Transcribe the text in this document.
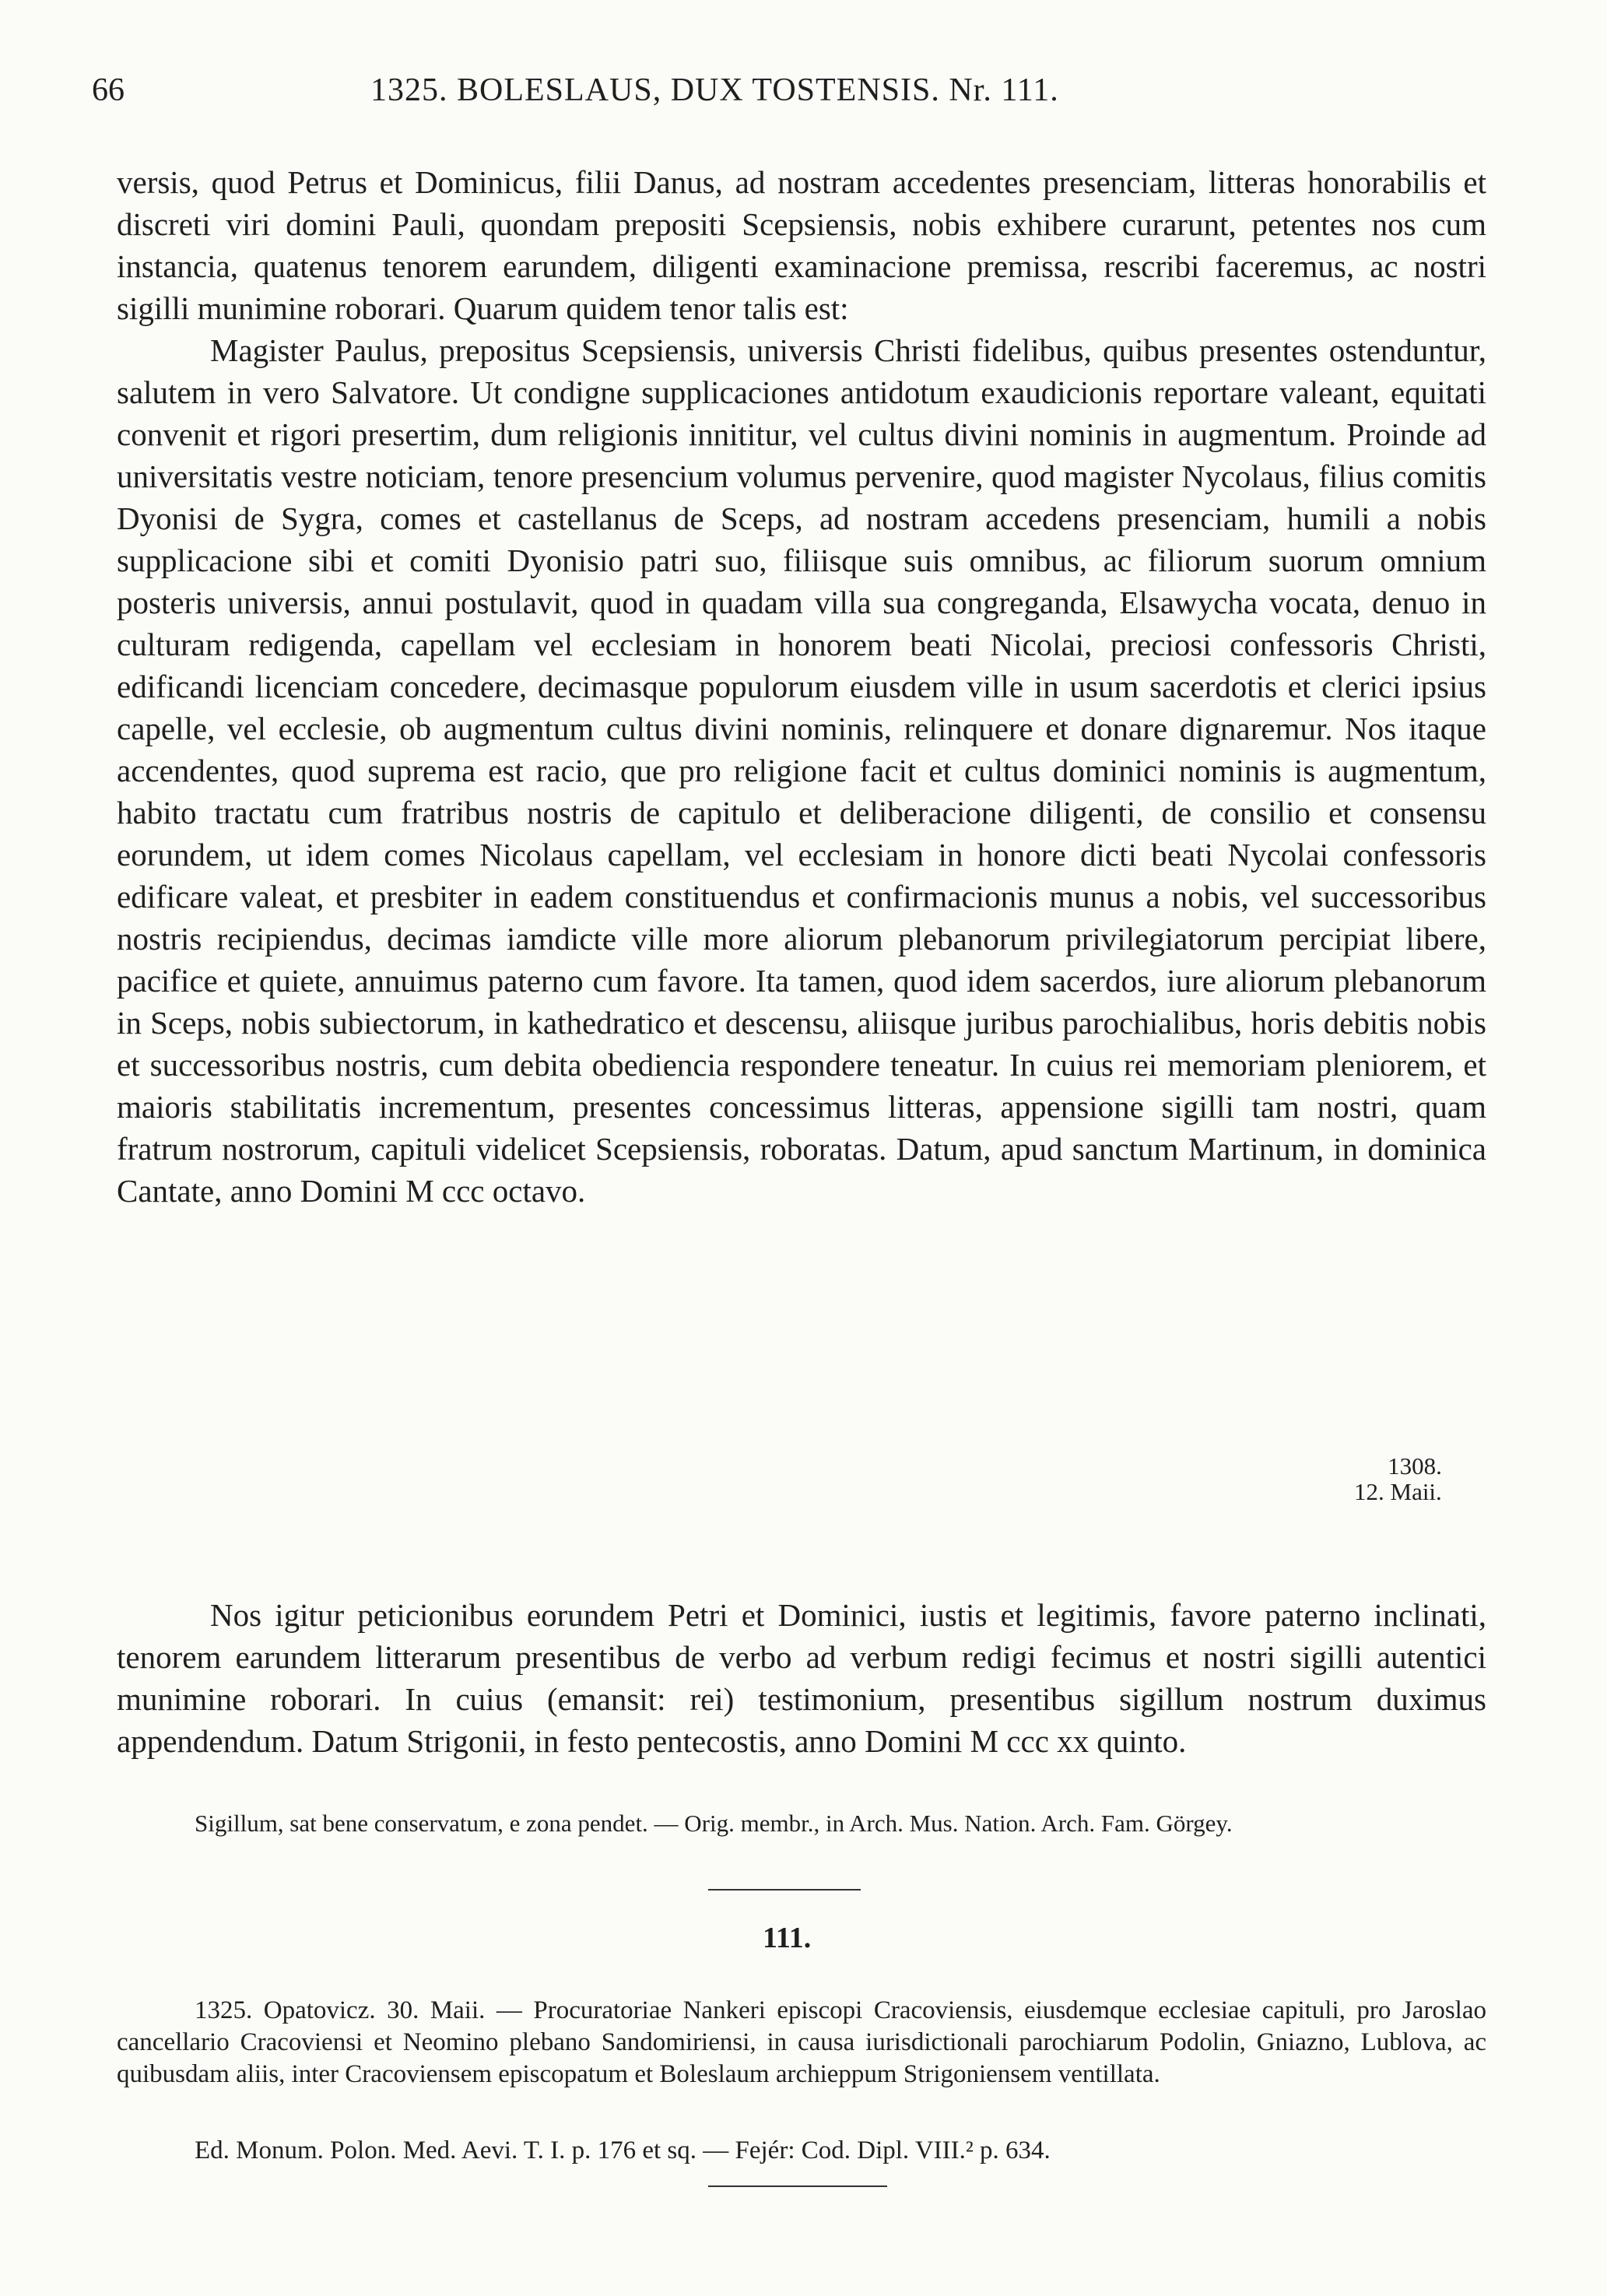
66	1325. BOLESLAUS, DUX TOSTENSIS. Nr. 111.

versis, quod Petrus et Dominicus, filii Danus, ad nostram accedentes presenciam, litteras honorabilis et discreti viri domini Pauli, quondam prepositi Scepsiensis, nobis exhibere curarunt, petentes nos cum instancia, quatenus tenorem earundem, diligenti examinacione premissa, rescribi faceremus, ac nostri sigilli munimine roborari. Quarum quidem tenor talis est:

Magister Paulus, prepositus Scepsiensis, universis Christi fidelibus, quibus presentes ostenduntur, salutem in vero Salvatore. Ut condigne supplicaciones antidotum exaudicionis reportare valeant, equitati convenit et rigori presertim, dum religionis innititur, vel cultus divini nominis in augmentum. Proinde ad universitatis vestre noticiam, tenore presencium volumus pervenire, quod magister Nycolaus, filius comitis Dyonisi de Sygra, comes et castellanus de Sceps, ad nostram accedens presenciam, humili a nobis supplicacione sibi et comiti Dyonisio patri suo, filiisque suis omnibus, ac filiorum suorum omnium posteris universis, annui postulavit, quod in quadam villa sua congreganda, Elsawycha vocata, denuo in culturam redigenda, capellam vel ecclesiam in honorem beati Nicolai, preciosi confessoris Christi, edificandi licenciam concedere, decimasque populorum eiusdem ville in usum sacerdotis et clerici ipsius capelle, vel ecclesie, ob augmentum cultus divini nominis, relinquere et donare dignaremur. Nos itaque accendentes, quod suprema est racio, que pro religione facit et cultus dominici nominis is augmentum, habito tractatu cum fratribus nostris de capitulo et deliberacione diligenti, de consilio et consensu eorundem, ut idem comes Nicolaus capellam, vel ecclesiam in honore dicti beati Nycolai confessoris edificare valeat, et presbiter in eadem constituendus et confirmacionis munus a nobis, vel successoribus nostris recipiendus, decimas iamdicte ville more aliorum plebanorum privilegiatorum percipiat libere, pacifice et quiete, annuimus paterno cum favore. Ita tamen, quod idem sacerdos, iure aliorum plebanorum in Sceps, nobis subiectorum, in kathedratico et descensu, aliisque juribus parochialibus, horis debitis nobis et successoribus nostris, cum debita obediencia respondere teneatur. In cuius rei memoriam pleniorem, et maioris stabilitatis incrementum, presentes concessimus litteras, appensione sigilli tam nostri, quam fratrum nostrorum, capituli videlicet Scepsiensis, roboratas. Datum, apud sanctum Martinum, in dominica Cantate, anno Domini M ccc octavo.

1308.
12. Maii.

Nos igitur peticionibus eorundem Petri et Dominici, iustis et legitimis, favore paterno inclinati, tenorem earundem litterarum presentibus de verbo ad verbum redigi fecimus et nostri sigilli autentici munimine roborari. In cuius (emansit: rei) testimonium, presentibus sigillum nostrum duximus appendendum. Datum Strigonii, in festo pentecostis, anno Domini M ccc xx quinto.

Sigillum, sat bene conservatum, e zona pendet. — Orig. membr., in Arch. Mus. Nation. Arch. Fam. Görgey.

111.

1325. Opatovicz. 30. Maii. — Procuratoriae Nankeri episcopi Cracoviensis, eiusdemque ecclesiae capituli, pro Jaroslao cancellario Cracoviensi et Neomino plebano Sandomiriensi, in causa iurisdictionali parochiarum Podolin, Gniazno, Lublova, ac quibusdam aliis, inter Cracoviensem episcopatum et Boleslaum archieppum Strigoniensem ventillata.

Ed. Monum. Polon. Med. Aevi. T. I. p. 176 et sq. — Fejér: Cod. Dipl. VIII.² p. 634.
